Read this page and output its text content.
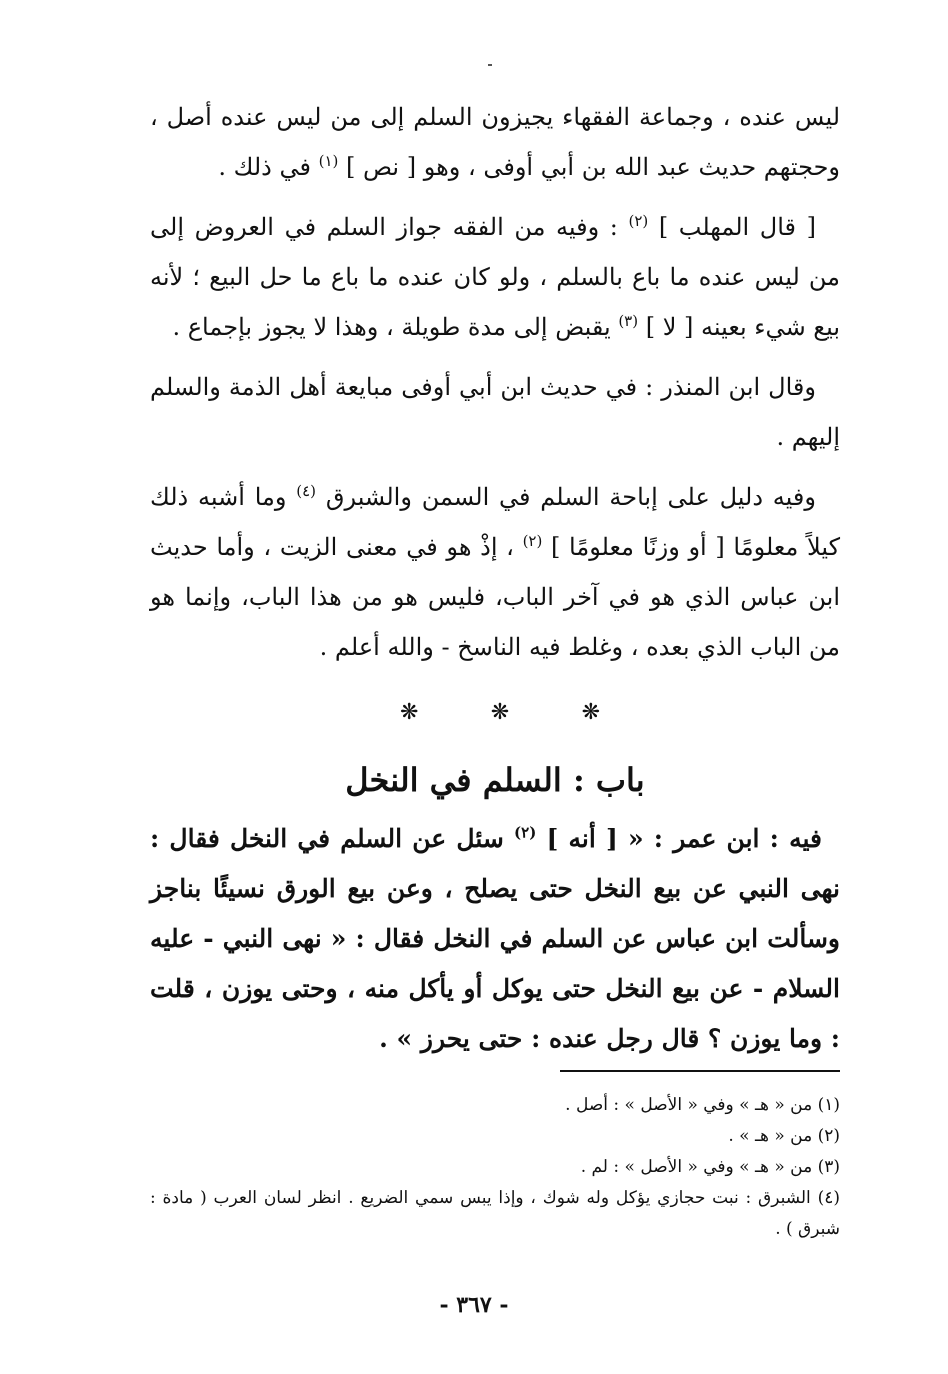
ليس عنده ، وجماعة الفقهاء يجيزون السلم إلى من ليس عنده أصل ، وحجتهم حديث عبد الله بن أبي أوفى ، وهو [ نص ] $^{(١)}$ في ذلك .

[ قال المهلب ] $^{(٢)}$ : وفيه من الفقه جواز السلم في العروض إلى من ليس عنده ما باع بالسلم ، ولو كان عنده ما باع ما حل البيع ؛ لأنه بيع شيء بعينه [ لا ] $^{(٣)}$ يقبض إلى مدة طويلة ، وهذا لا يجوز بإجماع .

وقال ابن المنذر : في حديث ابن أبي أوفى مبايعة أهل الذمة والسلم إليهم .

وفيه دليل على إباحة السلم في السمن والشبرق $^{(٤)}$ وما أشبه ذلك كيلاً معلومًا [ أو وزنًا معلومًا ] $^{(٢)}$ ، إذْ هو في معنى الزيت ، وأما حديث ابن عباس الذي هو في آخر الباب، فليس هو من هذا الباب، وإنما هو من الباب الذي بعده ، وغلط فيه الناسخ - والله أعلم .

❋	❋	❋
باب : السلم في النخل

فيه : ابن عمر : « [ أنه ] $^{(٢)}$ سئل عن السلم في النخل فقال : نهى النبي عن بيع النخل حتى يصلح ، وعن بيع الورق نسيئًا بناجز وسألت ابن عباس عن السلم في النخل فقال : « نهى النبي - عليه السلام - عن بيع النخل حتى يوكل أو يأكل منه ، وحتى يوزن ، قلت : وما يوزن ؟ قال رجل عنده : حتى يحرز » .

(١) من « هـ » وفي « الأصل » : أصل .
(٢) من « هـ » .
(٣) من « هـ » وفي « الأصل » : لم .
(٤) الشبرق : نبت حجازي يؤكل وله شوك ، وإذا يبس سمي الضريع . انظر لسان العرب ( مادة : شبرق ) .
- ٣٦٧ -
